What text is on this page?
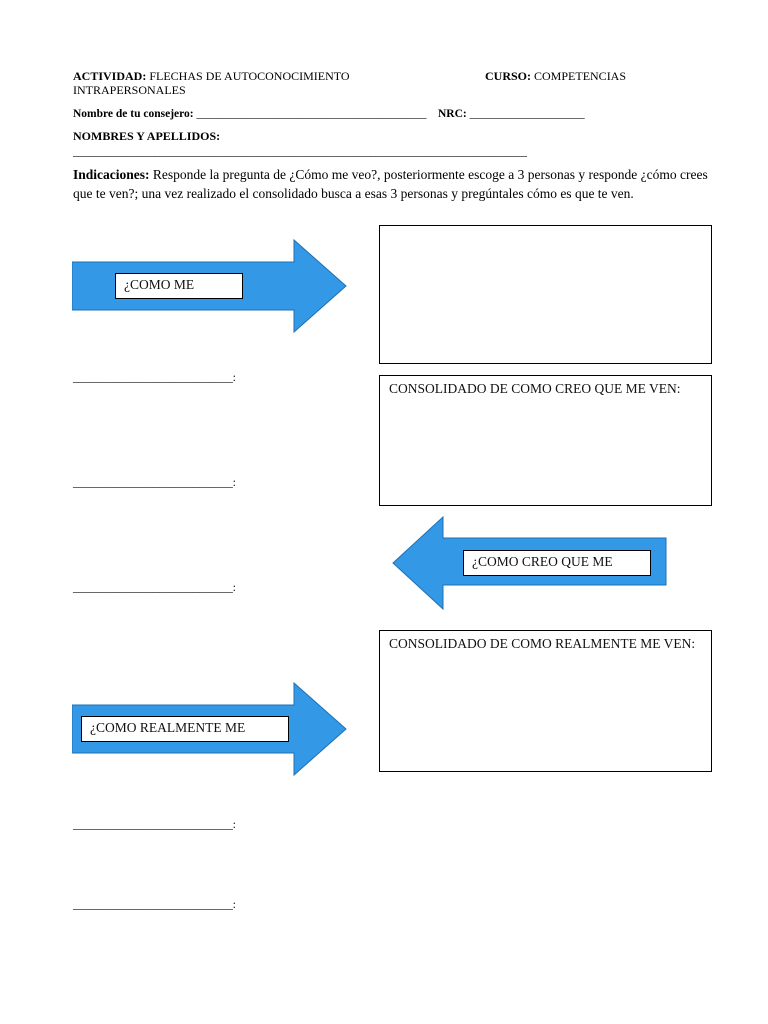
ACTIVIDAD: FLECHAS DE AUTOCONOCIMIENTO
INTRAPERSONALES
CURSO: COMPETENCIAS
Nombre de tu consejero: ________________________________________ NRC: ____________________
NOMBRES Y APELLIDOS:
____________________________________________________________________________________
Indicaciones: Responde la pregunta de ¿Cómo me veo?, posteriormente escoge a 3 personas y responde ¿cómo crees que te ven?; una vez realizado el consolidado busca a esas 3 personas y pregúntales cómo es que te ven.
¿COMO ME
CONSOLIDADO DE COMO CREO QUE ME VEN:
¿COMO CREO QUE ME
CONSOLIDADO DE COMO REALMENTE ME VEN:
¿COMO REALMENTE ME
____________________________:
____________________________:
____________________________:
____________________________:
____________________________:
